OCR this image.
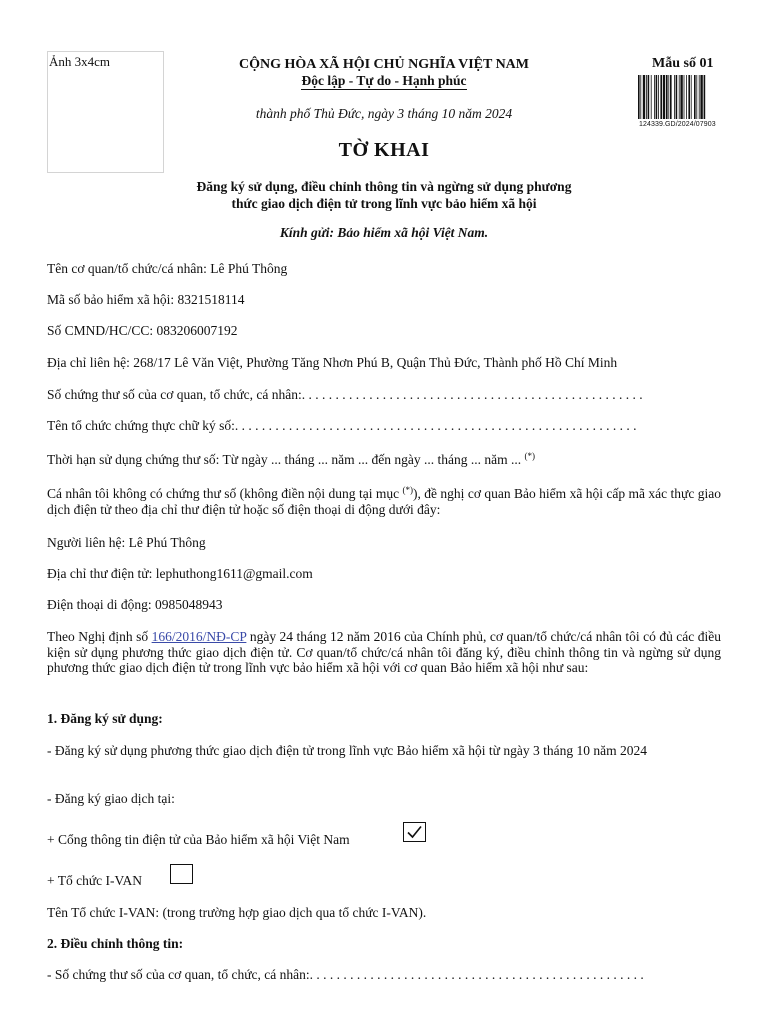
Ảnh 3x4cm	CỘNG HÒA XÃ HỘI CHỦ NGHĨA VIỆT NAM
Độc lập - Tự do - Hạnh phúc
thành phố Thủ Đức, ngày 3 tháng 10 năm 2024
TỜ KHAI
Đăng ký sử dụng, điều chỉnh thông tin và ngừng sử dụng phương
thức giao dịch điện tử trong lĩnh vực bảo hiểm xã hội
Kính gửi: Bảo hiểm xã hội Việt Nam.
Mẫu số 01
124339.GD/2024/07903
Tên cơ quan/tổ chức/cá nhân: Lê Phú Thông
Mã số bảo hiểm xã hội: 8321518114
Số CMND/HC/CC: 083206007192
Địa chỉ liên hệ: 268/17 Lê Văn Việt, Phường Tăng Nhơn Phú B, Quận Thủ Đức, Thành phố Hồ Chí Minh
Số chứng thư số của cơ quan, tổ chức, cá nhân:. . . . . . . . . . . . . . . . . . . . . . . . . . . . . . . . . . . . . . . . . . . . . . . . . . .
Tên tổ chức chứng thực chữ ký số:. . . . . . . . . . . . . . . . . . . . . . . . . . . . . . . . . . . . . . . . . . . . . . . . . . . . . . . . . . . .
Thời hạn sử dụng chứng thư số: Từ ngày ... tháng ... năm ... đến ngày ... tháng ... năm ... (*)
Cá nhân tôi không có chứng thư số (không điền nội dung tại mục (*)), đề nghị cơ quan Bảo hiểm xã hội cấp mã xác thực giao dịch điện tử theo địa chỉ thư điện tử hoặc số điện thoại di động dưới đây:
Người liên hệ: Lê Phú Thông
Địa chỉ thư điện tử: lephuthong1611@gmail.com
Điện thoại di động: 0985048943
Theo Nghị định số 166/2016/NĐ-CP ngày 24 tháng 12 năm 2016 của Chính phủ, cơ quan/tổ chức/cá nhân tôi có đủ các điều kiện sử dụng phương thức giao dịch điện tử. Cơ quan/tổ chức/cá nhân tôi đăng ký, điều chỉnh thông tin và ngừng sử dụng phương thức giao dịch điện tử trong lĩnh vực bảo hiểm xã hội với cơ quan Bảo hiểm xã hội như sau:
1. Đăng ký sử dụng:
- Đăng ký sử dụng phương thức giao dịch điện tử trong lĩnh vực Bảo hiểm xã hội từ ngày 3 tháng 10 năm 2024
- Đăng ký giao dịch tại:
+ Cổng thông tin điện tử của Bảo hiểm xã hội Việt Nam
+ Tổ chức I-VAN
Tên Tổ chức I-VAN: (trong trường hợp giao dịch qua tổ chức I-VAN).
2. Điều chỉnh thông tin:
- Số chứng thư số của cơ quan, tổ chức, cá nhân:. . . . . . . . . . . . . . . . . . . . . . . . . . . . . . . . . . . . . . . . . . . . . . . . . .
